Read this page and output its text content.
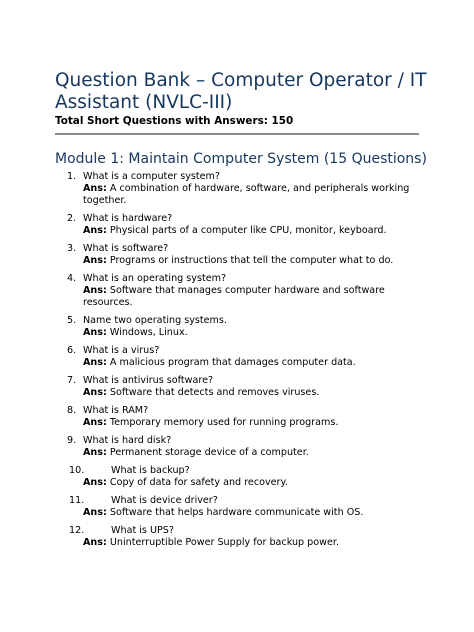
Question Bank – Computer Operator / IT Assistant (NVLC-III)

Total Short Questions with Answers: 150

Module 1: Maintain Computer System (15 Questions)
1. What is a computer system?
Ans: A combination of hardware, software, and peripherals working together.
2. What is hardware?
Ans: Physical parts of a computer like CPU, monitor, keyboard.
3. What is software?
Ans: Programs or instructions that tell the computer what to do.
4. What is an operating system?
Ans: Software that manages computer hardware and software resources.
5. Name two operating systems.
Ans: Windows, Linux.
6. What is a virus?
Ans: A malicious program that damages computer data.
7. What is antivirus software?
Ans: Software that detects and removes viruses.
8. What is RAM?
Ans: Temporary memory used for running programs.
9. What is hard disk?
Ans: Permanent storage device of a computer.
10.	What is backup?
Ans: Copy of data for safety and recovery.
11.	What is device driver?
Ans: Software that helps hardware communicate with OS.
12.	What is UPS?
Ans: Uninterruptible Power Supply for backup power.
